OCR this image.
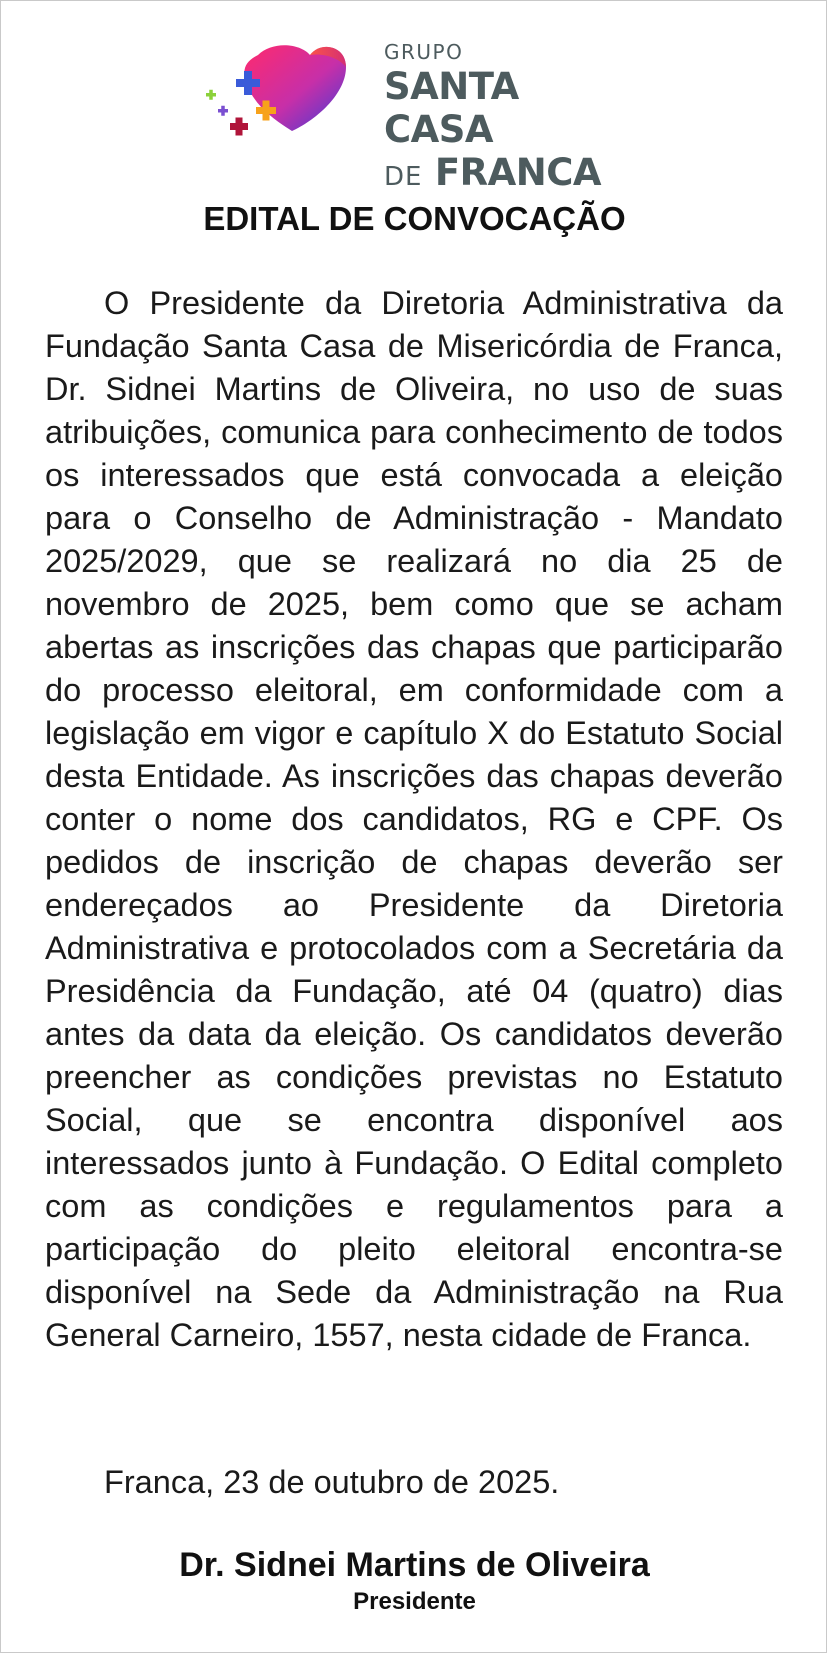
GRUPO
SANTA CASA
DE FRANCA
EDITAL DE CONVOCAÇÃO

O Presidente da Diretoria Administrativa da Fundação Santa Casa de Misericórdia de Franca, Dr. Sidnei Martins de Oliveira, no uso de suas atribuições, comunica para conhecimento de todos os interessados que está convocada a eleição para o Conselho de Administração - Mandato 2025/2029, que se realizará no dia 25 de novembro de 2025, bem como que se acham abertas as inscrições das chapas que participarão do processo eleitoral, em conformidade com a legislação em vigor e capítulo X do Estatuto Social desta Entidade. As inscrições das chapas deverão conter o nome dos candidatos, RG e CPF. Os pedidos de inscrição de chapas deverão ser endereçados ao Presidente da Diretoria Administrativa e protocolados com a Secretária da Presidência da Fundação, até 04 (quatro) dias antes da data da eleição. Os candidatos deverão preencher as condições previstas no Estatuto Social, que se encontra disponível aos interessados junto à Fundação. O Edital completo com as condições e regulamentos para a participação do pleito eleitoral encontra-se disponível na Sede da Administração na Rua General Carneiro, 1557, nesta cidade de Franca.

Franca, 23 de outubro de 2025.

Dr. Sidnei Martins de Oliveira

Presidente
